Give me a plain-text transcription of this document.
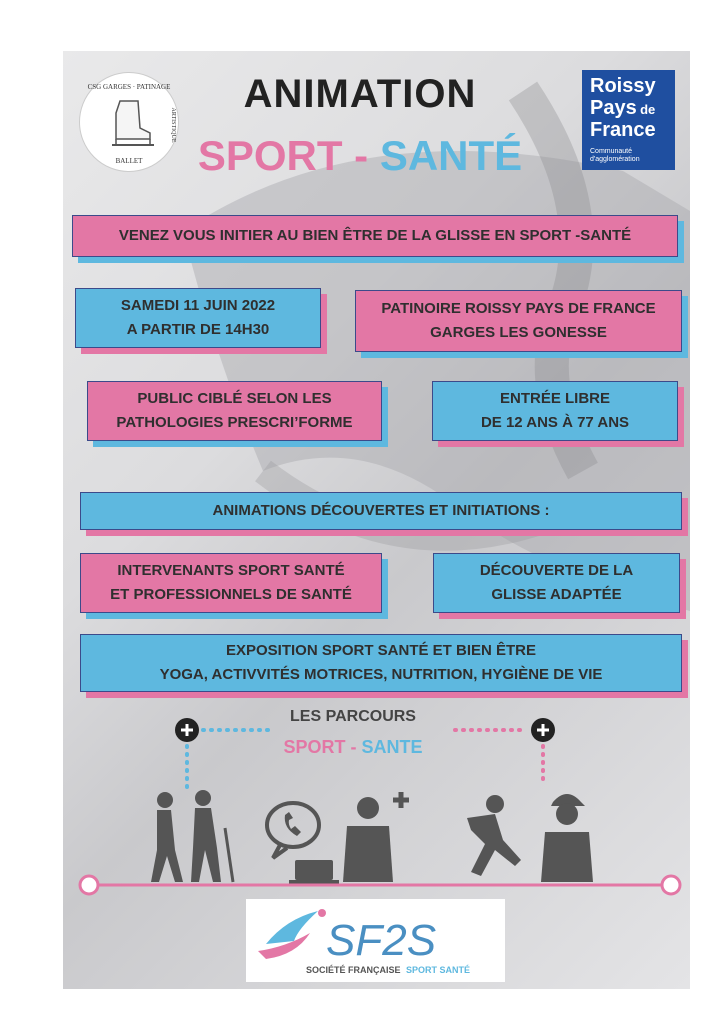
CSG GARGES · PATINAGE
ARTISTIQUE
BALLET
ANIMATION
SPORT - SANTÉ
Roissy
Pays de
France
Communauté
d'agglomération
VENEZ VOUS INITIER AU BIEN ÊTRE DE LA GLISSE EN SPORT -SANTÉ
SAMEDI 11 JUIN 2022
A PARTIR DE 14H30
PATINOIRE ROISSY PAYS DE FRANCE
GARGES LES GONESSE
PUBLIC CIBLÉ SELON LES
PATHOLOGIES PRESCRI’FORME
ENTRÉE LIBRE
DE 12 ANS À 77 ANS
ANIMATIONS DÉCOUVERTES ET INITIATIONS :
INTERVENANTS SPORT SANTÉ
ET PROFESSIONNELS DE SANTÉ
DÉCOUVERTE DE LA
GLISSE ADAPTÉE
EXPOSITION SPORT SANTÉ ET BIEN ÊTRE
YOGA, ACTIVVITÉS MOTRICES, NUTRITION, HYGIÈNE DE VIE
LES PARCOURS
SPORT - SANTE
SF2S
SOCIÉTÉ FRANÇAISE SPORT SANTÉ
